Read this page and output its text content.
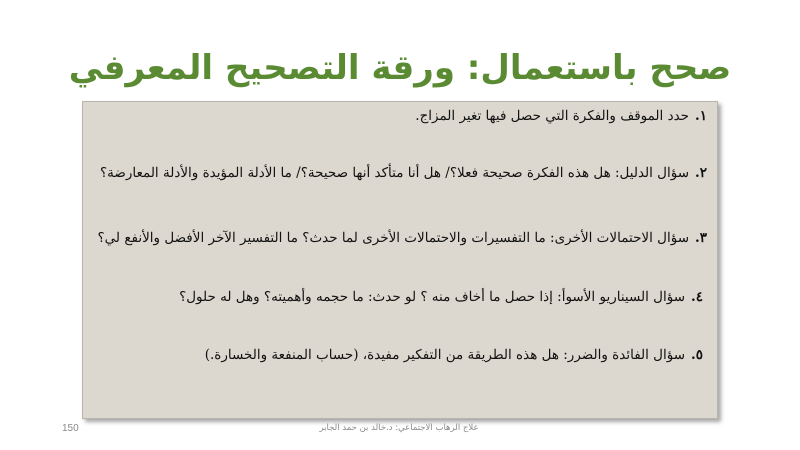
صحح باستعمال: ورقة التصحيح المعرفي
١.حدد الموقف والفكرة التي حصل فيها تغير المزاج.
٢.سؤال الدليل: هل هذه الفكرة صحيحة فعلا؟/ هل أنا متأكد أنها صحيحة؟/ ما الأدلة المؤيدة والأدلة المعارضة؟
٣.سؤال الاحتمالات الأخرى: ما التفسيرات والاحتمالات الأخرى لما حدث؟ ما التفسير الآخر الأفضل والأنفع لي؟
٤.سؤال السيناريو الأسوأ: إذا حصل ما أخاف منه ؟ لو حدث: ما حجمه وأهميته؟ وهل له حلول؟
٥.سؤال الفائدة والضرر: هل هذه الطريقة من التفكير مفيدة، (حساب المنفعة والخسارة.)
150	علاج الرهاب الاجتماعي: د.خالد بن حمد الجابر
